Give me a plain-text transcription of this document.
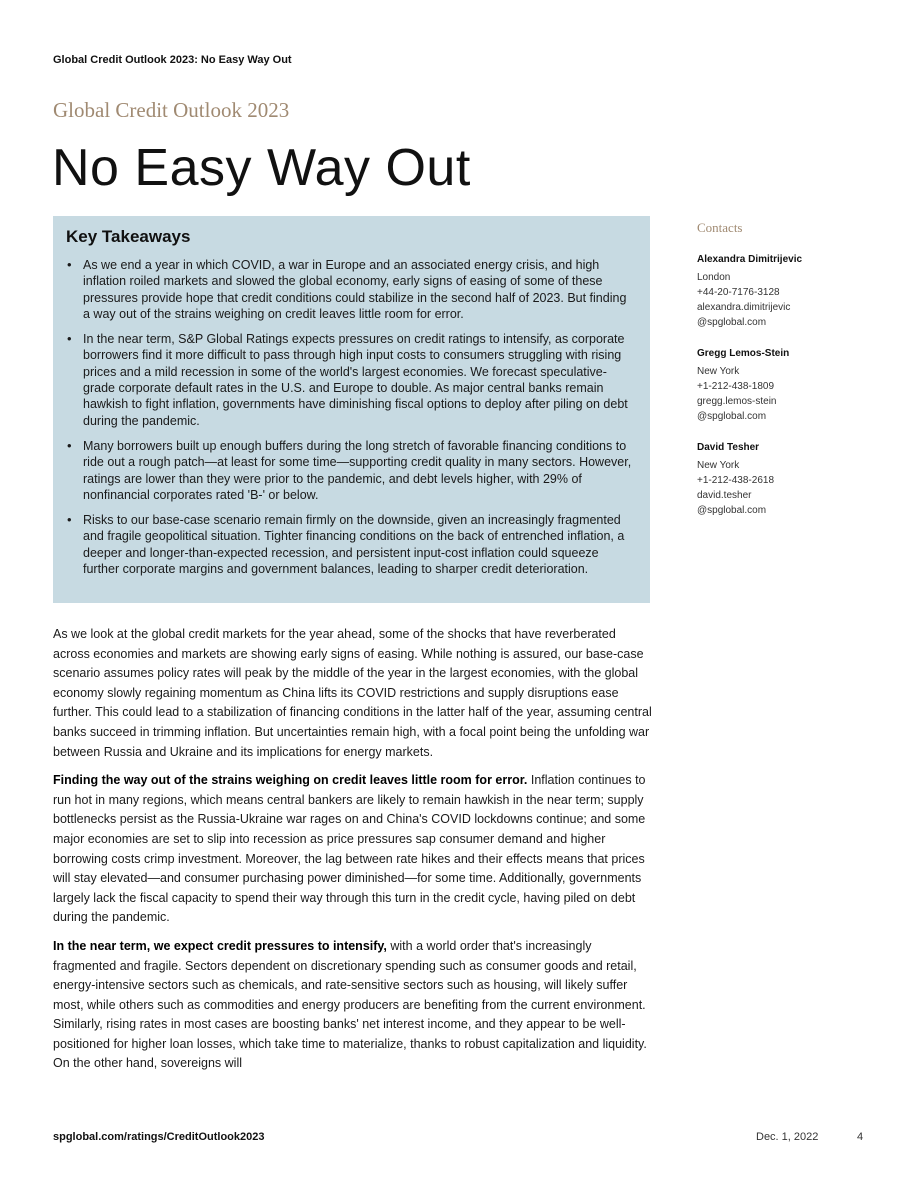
Global Credit Outlook 2023: No Easy Way Out
Global Credit Outlook 2023
No Easy Way Out
Key Takeaways
• As we end a year in which COVID, a war in Europe and an associated energy crisis, and high inflation roiled markets and slowed the global economy, early signs of easing of some of these pressures provide hope that credit conditions could stabilize in the second half of 2023. But finding a way out of the strains weighing on credit leaves little room for error.
• In the near term, S&P Global Ratings expects pressures on credit ratings to intensify, as corporate borrowers find it more difficult to pass through high input costs to consumers struggling with rising prices and a mild recession in some of the world's largest economies. We forecast speculative-grade corporate default rates in the U.S. and Europe to double. As major central banks remain hawkish to fight inflation, governments have diminishing fiscal options to deploy after piling on debt during the pandemic.
• Many borrowers built up enough buffers during the long stretch of favorable financing conditions to ride out a rough patch—at least for some time—supporting credit quality in many sectors. However, ratings are lower than they were prior to the pandemic, and debt levels higher, with 29% of nonfinancial corporates rated 'B-' or below.
• Risks to our base-case scenario remain firmly on the downside, given an increasingly fragmented and fragile geopolitical situation. Tighter financing conditions on the back of entrenched inflation, a deeper and longer-than-expected recession, and persistent input-cost inflation could squeeze further corporate margins and government balances, leading to sharper credit deterioration.
Contacts
Alexandra Dimitrijevic
London
+44-20-7176-3128
alexandra.dimitrijevic
@spglobal.com
Gregg Lemos-Stein
New York
+1-212-438-1809
gregg.lemos-stein
@spglobal.com
David Tesher
New York
+1-212-438-2618
david.tesher
@spglobal.com

As we look at the global credit markets for the year ahead, some of the shocks that have reverberated across economies and markets are showing early signs of easing. While nothing is assured, our base-case scenario assumes policy rates will peak by the middle of the year in the largest economies, with the global economy slowly regaining momentum as China lifts its COVID restrictions and supply disruptions ease further. This could lead to a stabilization of financing conditions in the latter half of the year, assuming central banks succeed in trimming inflation. But uncertainties remain high, with a focal point being the unfolding war between Russia and Ukraine and its implications for energy markets.

Finding the way out of the strains weighing on credit leaves little room for error. Inflation continues to run hot in many regions, which means central bankers are likely to remain hawkish in the near term; supply bottlenecks persist as the Russia-Ukraine war rages on and China's COVID lockdowns continue; and some major economies are set to slip into recession as price pressures sap consumer demand and higher borrowing costs crimp investment. Moreover, the lag between rate hikes and their effects means that prices will stay elevated—and consumer purchasing power diminished—for some time. Additionally, governments largely lack the fiscal capacity to spend their way through this turn in the credit cycle, having piled on debt during the pandemic.

In the near term, we expect credit pressures to intensify, with a world order that's increasingly fragmented and fragile. Sectors dependent on discretionary spending such as consumer goods and retail, energy-intensive sectors such as chemicals, and rate-sensitive sectors such as housing, will likely suffer most, while others such as commodities and energy producers are benefiting from the current environment. Similarly, rising rates in most cases are boosting banks' net interest income, and they appear to be well-positioned for higher loan losses, which take time to materialize, thanks to robust capitalization and liquidity. On the other hand, sovereigns will

spglobal.com/ratings/CreditOutlook2023	Dec. 1, 2022	4
